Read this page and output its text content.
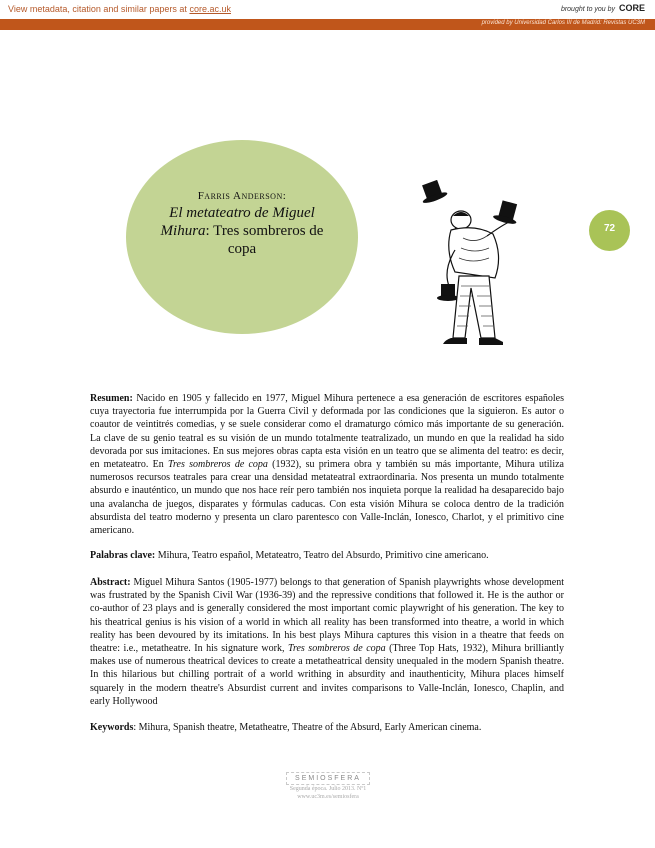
View metadata, citation and similar papers at core.ac.uk	brought to you by CORE
provided by Universidad Carlos III de Madrid: Revistas UC3M
Farris Anderson:
El metateatro de Miguel Mihura: Tres sombreros de copa
72
Resumen: Nacido en 1905 y fallecido en 1977, Miguel Mihura pertenece a esa generación de escritores españoles cuya trayectoria fue interrumpida por la Guerra Civil y deformada por las condiciones que la siguieron. Es autor o coautor de veintitrés comedias, y se suele considerar como el dramaturgo cómico más importante de su generación. La clave de su genio teatral es su visión de un mundo totalmente teatralizado, un mundo en que la realidad ha sido devorada por sus imitaciones. En sus mejores obras capta esta visión en un teatro que se alimenta del teatro: es decir, en metateatro. En Tres sombreros de copa (1932), su primera obra y también su más importante, Mihura utiliza numerosos recursos teatrales para crear una densidad metateatral extraordinaria. Nos presenta un mundo totalmente absurdo e inauténtico, un mundo que nos hace reír pero también nos inquieta porque la realidad ha desaparecido bajo una avalancha de juegos, disparates y fórmulas caducas. Con esta visión Mihura se coloca dentro de la tradición absurdista del teatro moderno y presenta un claro parentesco con Valle-Inclán, Ionesco, Charlot, y el primitivo cine americano.
Palabras clave: Mihura, Teatro español, Metateatro, Teatro del Absurdo, Primitivo cine americano.
Abstract: Miguel Mihura Santos (1905-1977) belongs to that generation of Spanish playwrights whose development was frustrated by the Spanish Civil War (1936-39) and the repressive conditions that followed it. He is the author or co-author of 23 plays and is generally considered the most important comic playwright of his generation. The key to his theatrical genius is his vision of a world in which all reality has been transformed into theatre, a world in which reality has been devoured by its imitations. In his best plays Mihura captures this vision in a theatre that feeds on theatre: i.e., metatheatre. In his signature work, Tres sombreros de copa (Three Top Hats, 1932), Mihura brilliantly makes use of numerous theatrical devices to create a metatheatrical density unequaled in the modern Spanish theatre. In this hilarious but chilling portrait of a world writhing in absurdity and inauthenticity, Mihura places himself squarely in the modern theatre's Absurdist current and invites comparisons to Valle-Inclán, Ionesco, Chaplin, and early Hollywood
Keywords: Mihura, Spanish theatre, Metatheatre, Theatre of the Absurd, Early American cinema.
SEMIOSFERA
Segunda época. Julio 2013. Nº1
www.uc3m.es/semiosfera
